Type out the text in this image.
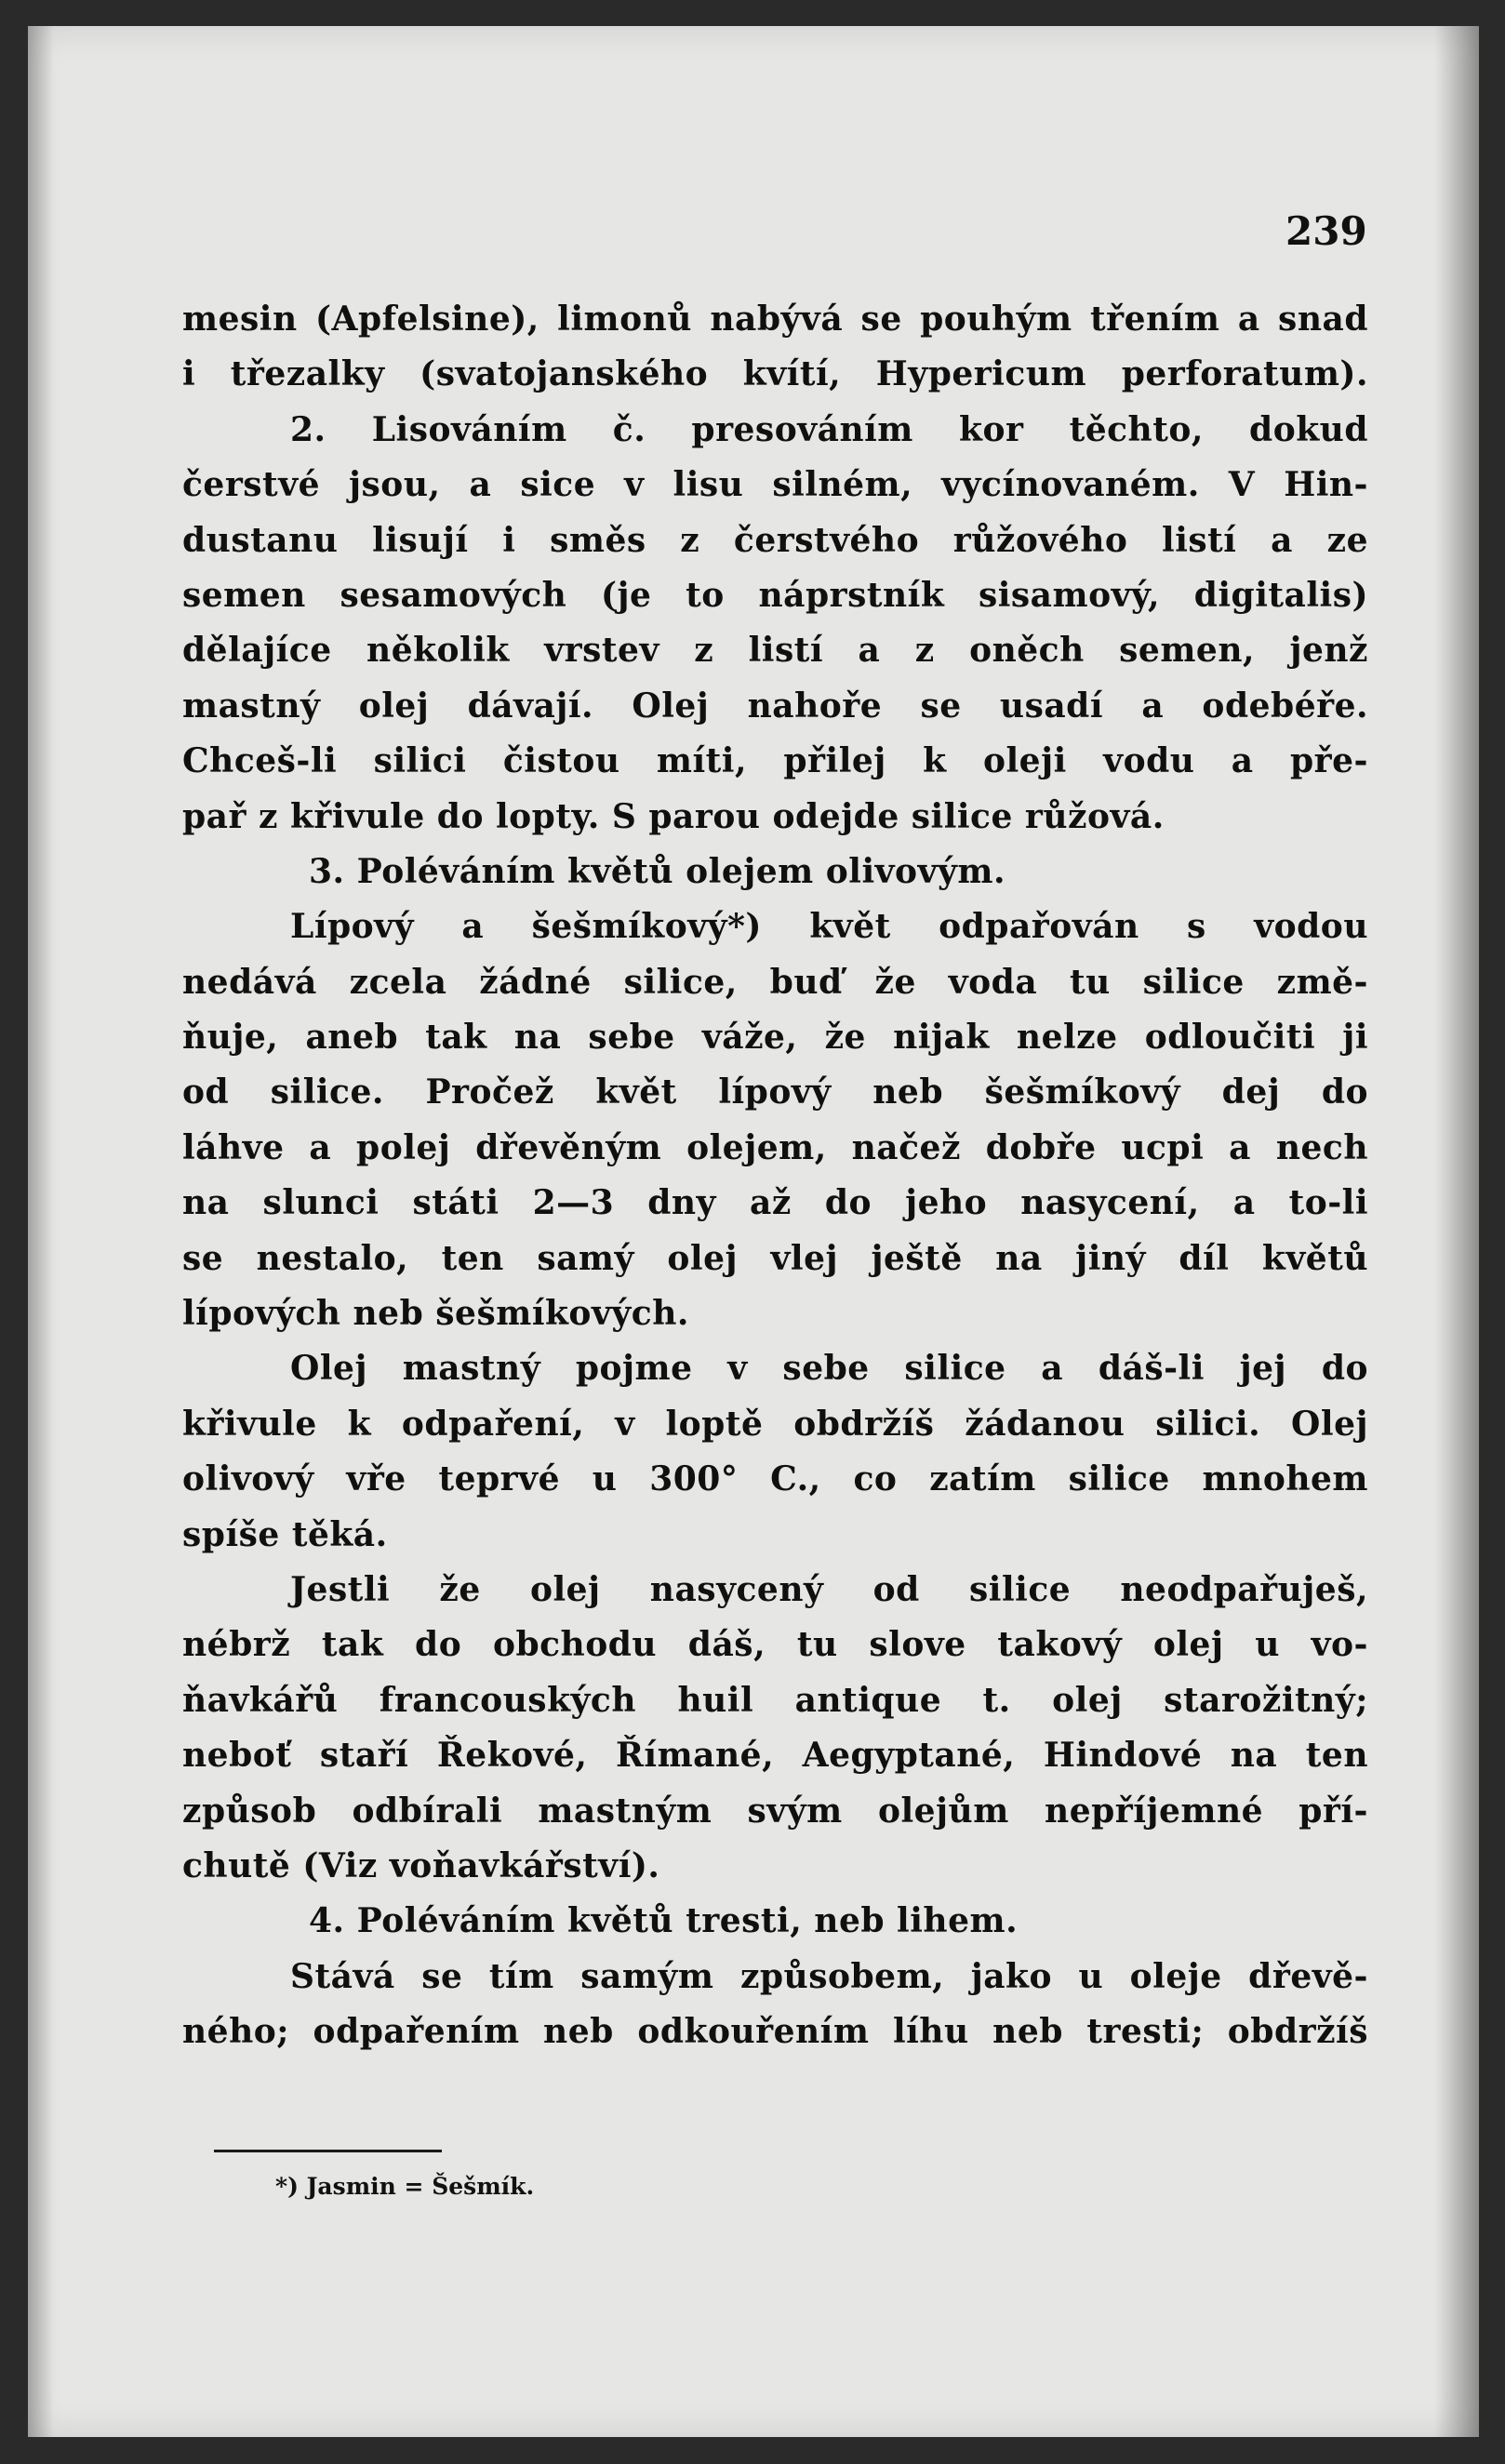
239
mesin (Apfelsine), limonů nabývá se pouhým třením a snad
i třezalky (svatojanského kvítí, Hypericum perforatum).
2. Lisováním č. presováním kor těchto, dokud
čerstvé jsou, a sice v lisu silném, vycínovaném. V Hin-
dustanu lisují i směs z čerstvého růžového listí a ze
semen sesamových (je to náprstník sisamový, digitalis)
dělajíce několik vrstev z listí a z oněch semen, jenž
mastný olej dávají. Olej nahoře se usadí a odebéře.
Chceš-li silici čistou míti, přilej k oleji vodu a pře-
pař z křivule do lopty. S parou odejde silice růžová.
3. Poléváním květů olejem olivovým.
Lípový a šešmíkový*) květ odpařován s vodou
nedává zcela žádné silice, buď že voda tu silice změ-
ňuje, aneb tak na sebe váže, že nijak nelze odloučiti ji
od silice. Pročež květ lípový neb šešmíkový dej do
láhve a polej dřevěným olejem, načež dobře ucpi a nech
na slunci státi 2—3 dny až do jeho nasycení, a to-li
se nestalo, ten samý olej vlej ještě na jiný díl květů
lípových neb šešmíkových.
Olej mastný pojme v sebe silice a dáš-li jej do
křivule k odpaření, v loptě obdržíš žádanou silici. Olej
olivový vře teprvé u 300° C., co zatím silice mnohem
spíše těká.
Jestli že olej nasycený od silice neodpařuješ,
nébrž tak do obchodu dáš, tu slove takový olej u vo-
ňavkářů francouských huil antique t. olej starožitný;
neboť staří Řekové, Římané, Aegyptané, Hindové na ten
způsob odbírali mastným svým olejům nepříjemné pří-
chutě (Viz voňavkářství).
4. Poléváním květů tresti, neb lihem.
Stává se tím samým způsobem, jako u oleje dřevě-
ného; odpařením neb odkouřením líhu neb tresti; obdržíš
*) Jasmin = Šešmík.
